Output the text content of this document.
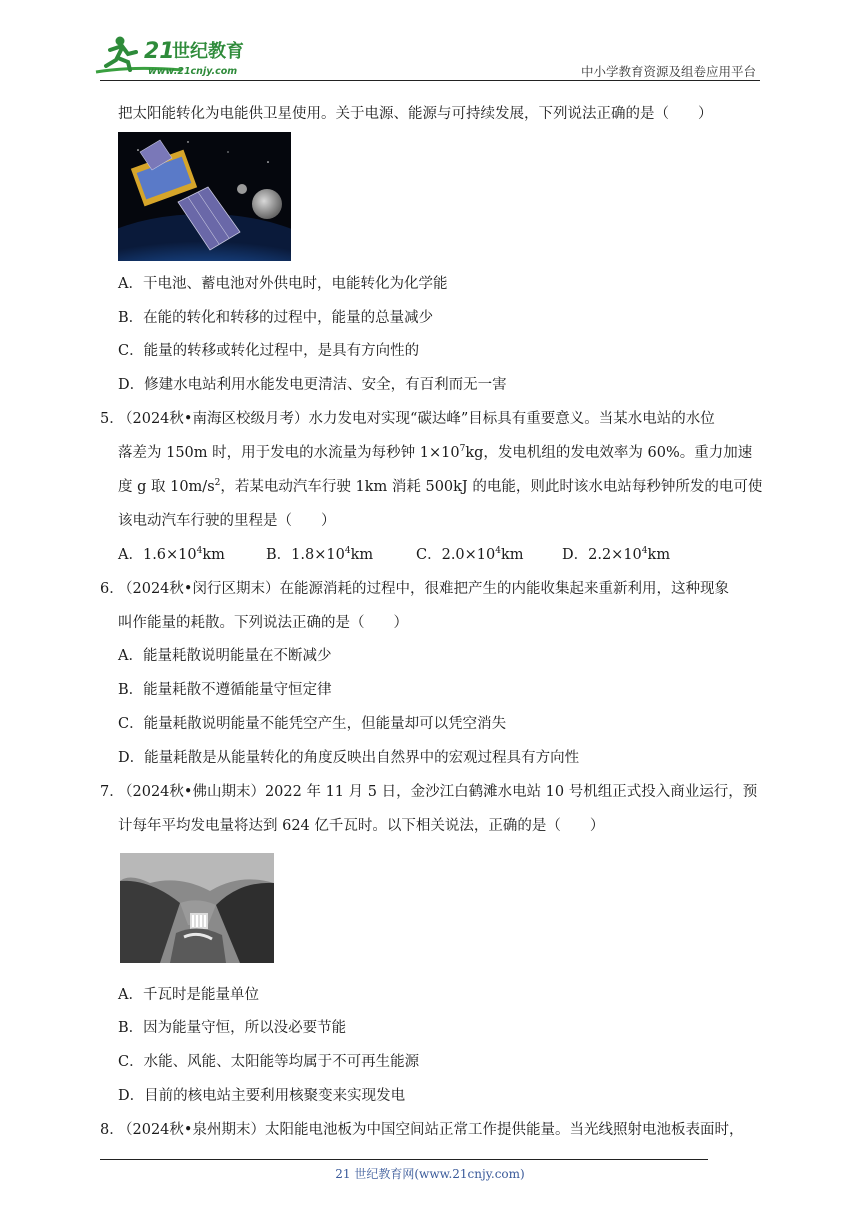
21
世纪教育
www.21cnjy.com	中小学教育资源及组卷应用平台
把太阳能转化为电能供卫星使用。关于电源、能源与可持续发展，下列说法正确的是（　　）
A．干电池、蓄电池对外供电时，电能转化为化学能
B．在能的转化和转移的过程中，能量的总量减少
C．能量的转移或转化过程中，是具有方向性的
D．修建水电站利用水能发电更清洁、安全，有百利而无一害
5．
（2024秋•南海区校级月考）水力发电对实现“碳达峰”目标具有重要意义。当某水电站的水位
落差为 150m 时，用于发电的水流量为每秒钟 $1\times 10^7kg$，发电机组的发电效率为 60%。重力加速
度 g 取 $10m/s^2$，若某电动汽车行驶 1km 消耗 500kJ 的电能，则此时该水电站每秒钟所发的电可使
该电动汽车行驶的里程是（　　）
A．$1.6\times 10^4km$	B．$1.8\times 10^4km$	C．$2.0\times 10^4km$	D．$2.2\times 10^4km$
6．
（2024秋•闵行区期末）在能源消耗的过程中，很难把产生的内能收集起来重新利用，这种现象
叫作能量的耗散。下列说法正确的是（　　）
A．能量耗散说明能量在不断减少
B．能量耗散不遵循能量守恒定律
C．能量耗散说明能量不能凭空产生，但能量却可以凭空消失
D．能量耗散是从能量转化的角度反映出自然界中的宏观过程具有方向性
7．
（2024秋•佛山期末）2022 年 11 月 5 日，金沙江白鹤滩水电站 10 号机组正式投入商业运行，预
计每年平均发电量将达到 624 亿千瓦时。以下相关说法，正确的是（　　）
A．千瓦时是能量单位
B．因为能量守恒，所以没必要节能
C．水能、风能、太阳能等均属于不可再生能源
D．目前的核电站主要利用核聚变来实现发电
8．
（2024秋•泉州期末）太阳能电池板为中国空间站正常工作提供能量。当光线照射电池板表面时，
21 世纪教育网(www.21cnjy.com)
